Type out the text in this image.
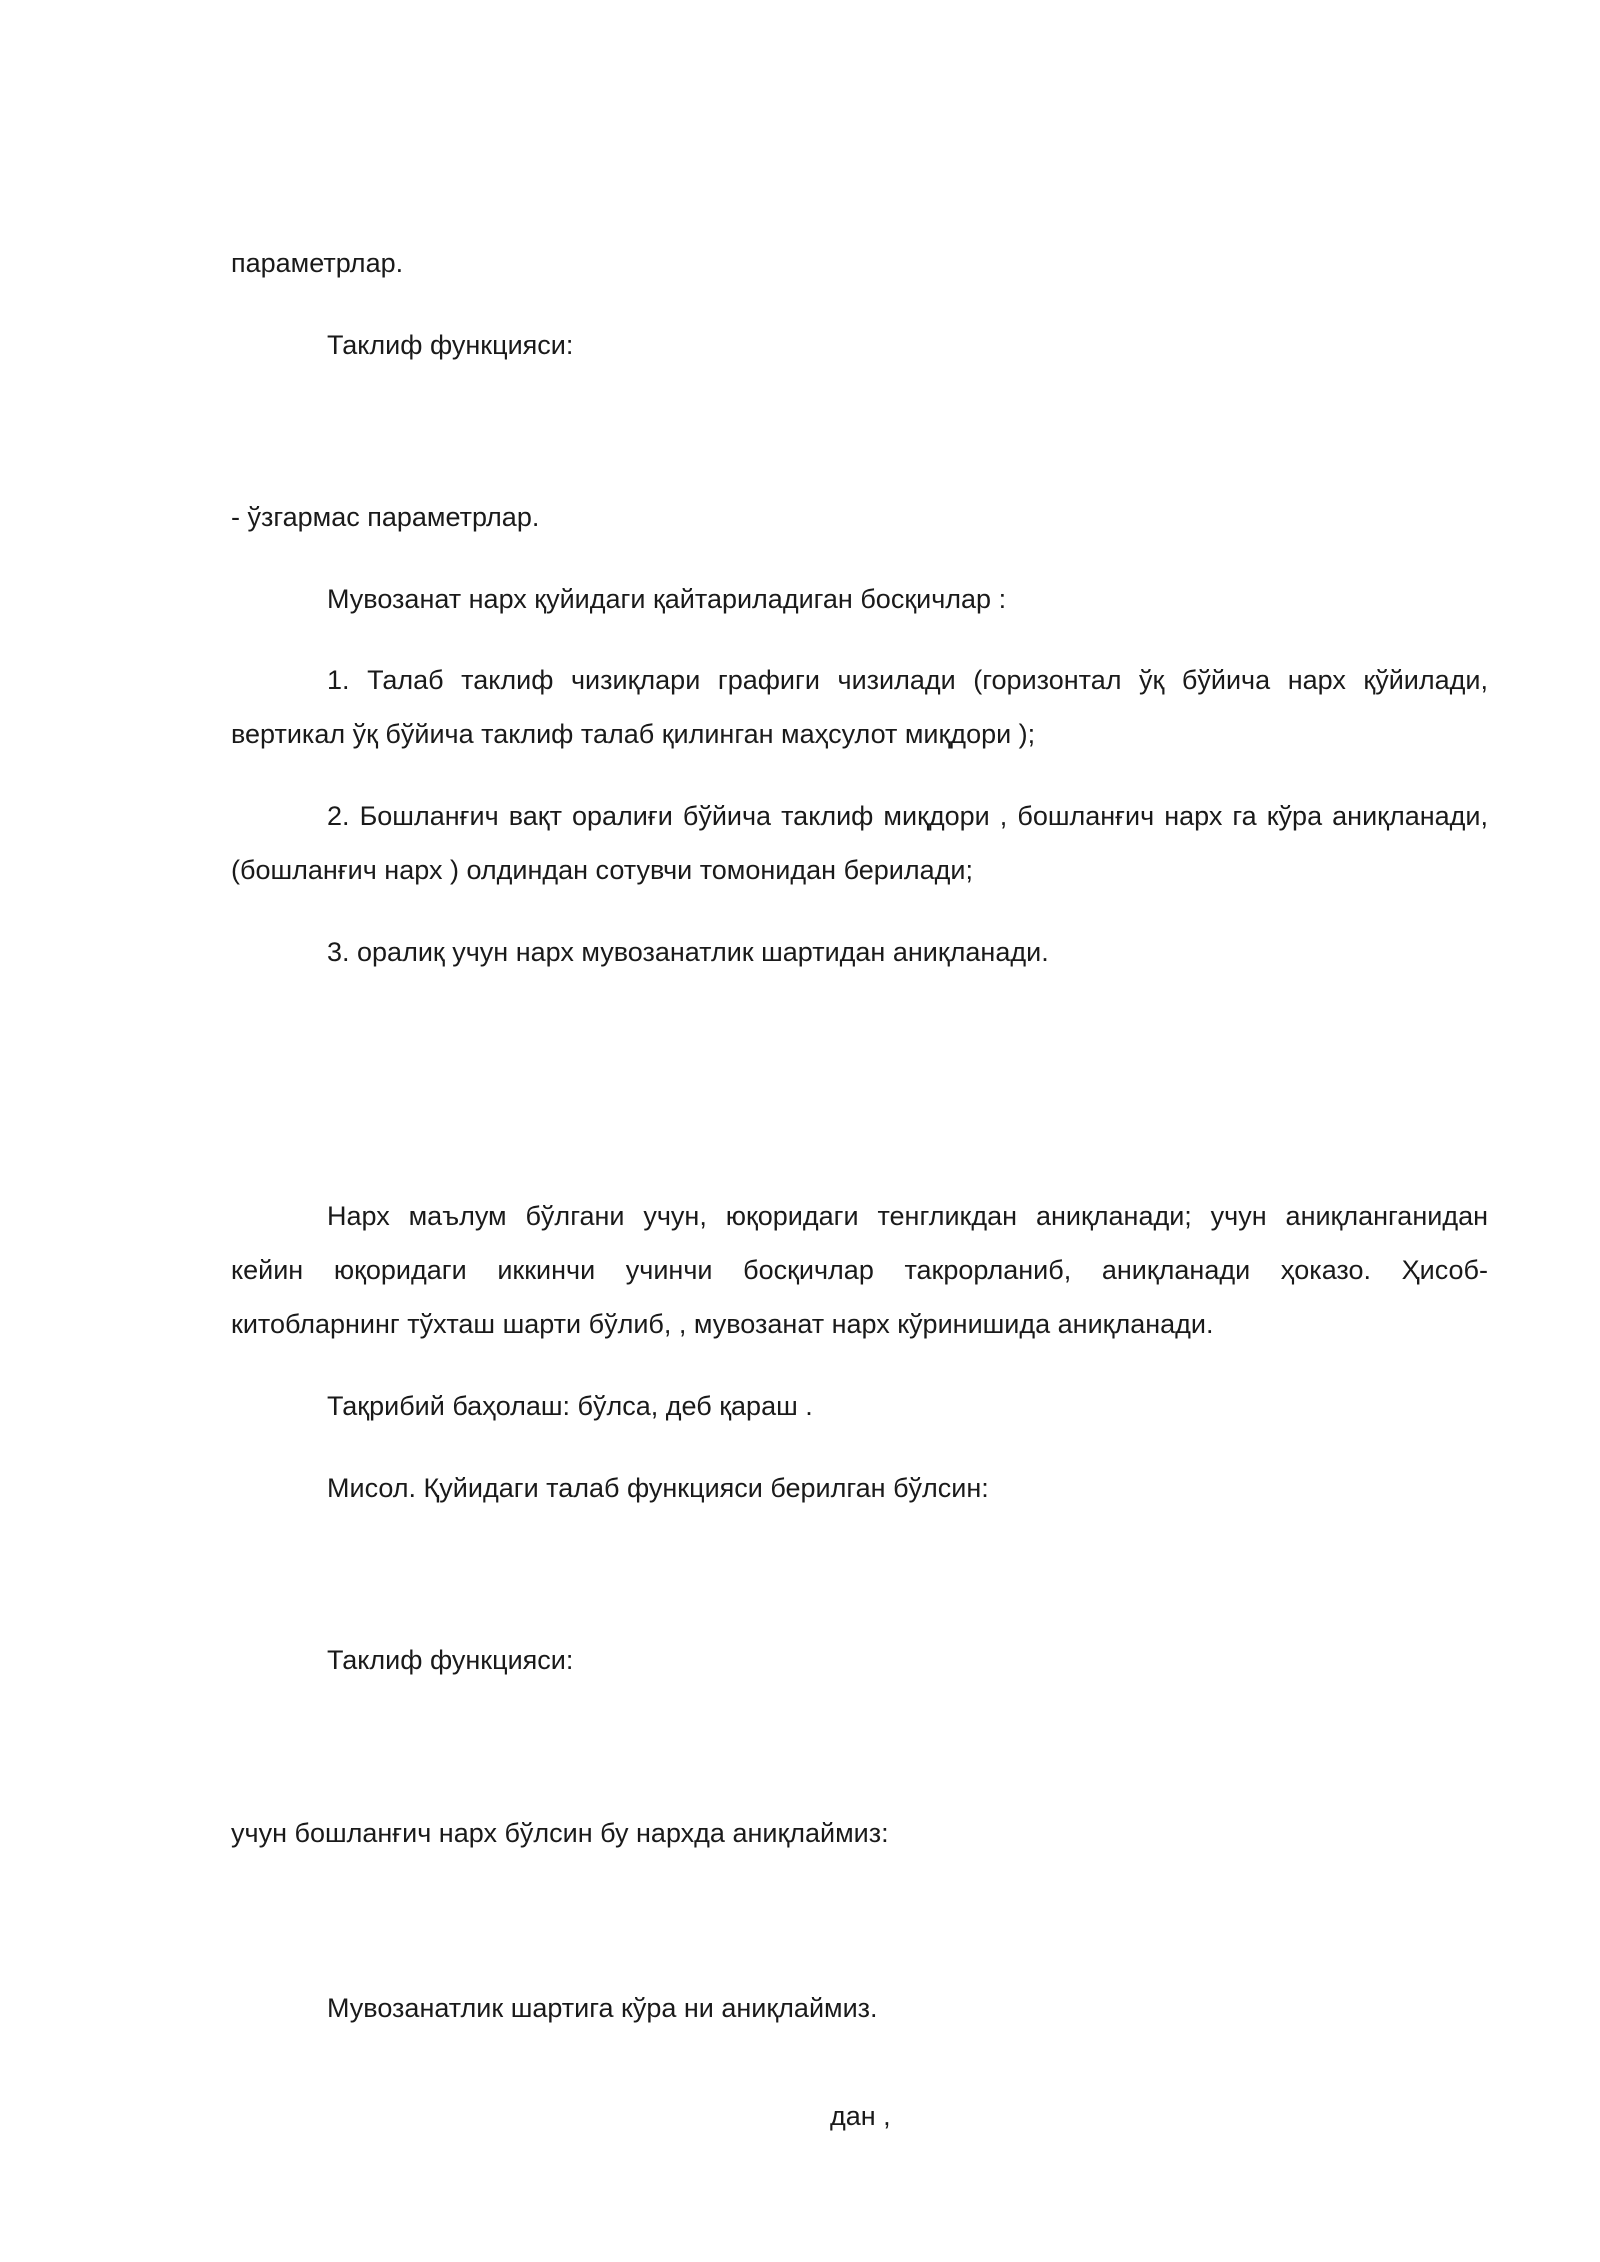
параметрлар.

Таклиф функцияси:

- ўзгармас параметрлар.

Мувозанат нарх қуйидаги қайтариладиган босқичлар :

1. Талаб таклиф чизиқлари графиги чизилади (горизонтал ўқ бўйича нарх қўйилади,
вертикал ўқ бўйича таклиф талаб қилинган маҳсулот миқдори );
2. Бошланғич вақт оралиғи бўйича таклиф миқдори , бошланғич нарх га кўра аниқланади,
(бошланғич нарх ) олдиндан сотувчи томонидан берилади;

3. оралиқ учун нарх мувозанатлик шартидан аниқланади.

Нарх маълум бўлгани учун, юқоридаги тенгликдан аниқланади; учун аниқланганидан
кейин юқоридаги иккинчи учинчи босқичлар такрорланиб, аниқланади ҳоказо. Ҳисоб-
китобларнинг тўхташ шарти бўлиб, , мувозанат нарх кўринишида аниқланади.

Тақрибий баҳолаш: бўлса, деб қараш .

Мисол. Қуйидаги талаб функцияси берилган бўлсин:

Таклиф функцияси:

учун бошланғич нарх бўлсин бу нархда аниқлаймиз:

Мувозанатлик шартига кўра ни аниқлаймиз.

дан ,
